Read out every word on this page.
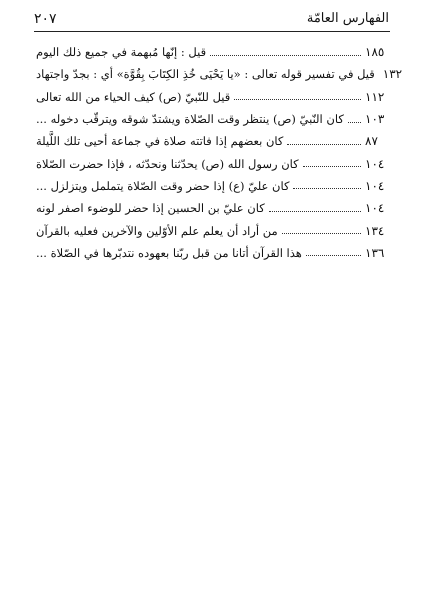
٢٠٧	الفهارس العامّة
قيل : إنّها مُبهمة في جميع ذلك اليوم	١٨٥
قيل في تفسير قوله تعالى : «يا يَحْيَى خُذِ الكِتَابَ بِقُوَّة» أي : بجدّ واجتهاد ١٣٢
قيل للنّبيّ (ص) كيف الحياء من الله تعالى	١١٢
كان النّبيّ (ص) ينتظر وقت الصّلاة ويشتدّ شوقه ويترقّب دخوله ... ١٠٣
كان بعضهم إذا فاتته صلاة في جماعة أحيى تلك اللَّيلة	٨٧
كان رسول الله (ص) يحدّثنا ونحدّثه ، فإذا حضرت الصّلاة	١٠٤
كان عليّ (ع) إذا حضر وقت الصّلاة يتململ ويتزلزل ...	١٠٤
كان عليّ بن الحسين إذا حضر للوضوء اصفر لونه	١٠٤
من أراد أن يعلم علم الأوّلين والآخرين فعليه بالقرآن	١٣٤
هذا القرآن أتانا من قبل ربّنا بعهوده نتدبّرها في الصّلاة ...	١٣٦
